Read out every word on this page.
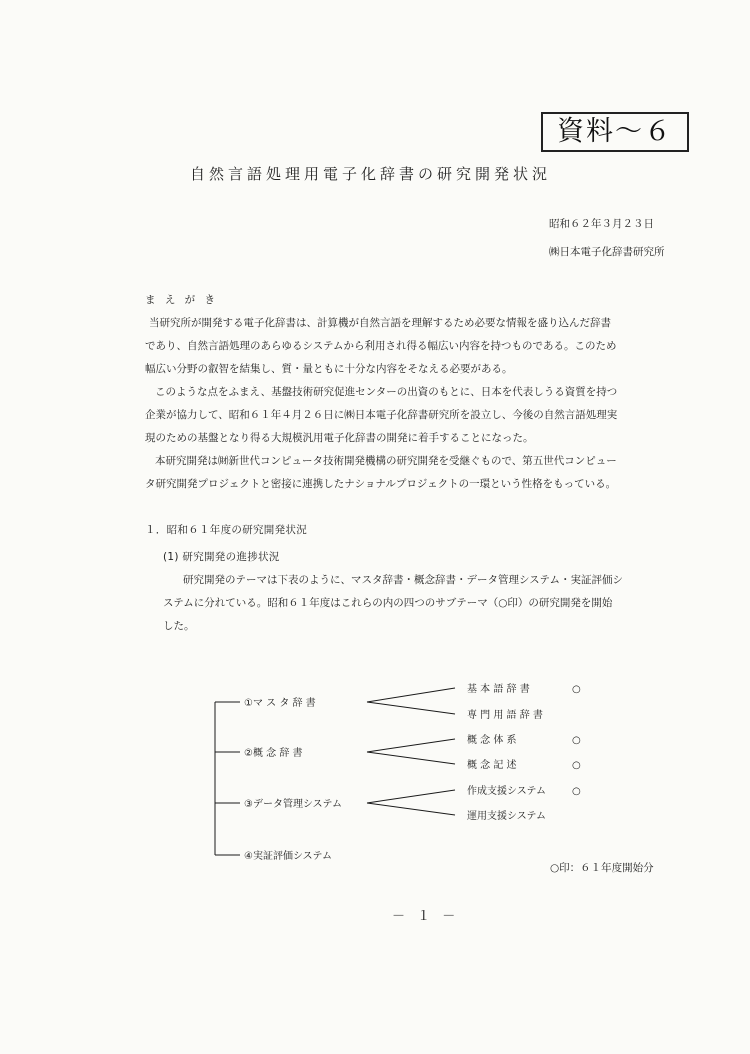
資料～６
自然言語処理用電子化辞書の研究開発状況
昭和６２年３月２３日
㈱日本電子化辞書研究所
ま え が き

当研究所が開発する電子化辞書は、計算機が自然言語を理解するため必要な情報を盛り込んだ辞書

であり、自然言語処理のあらゆるシステムから利用され得る幅広い内容を持つものである。このため

幅広い分野の叡智を結集し、質・量ともに十分な内容をそなえる必要がある。

このような点をふまえ、基盤技術研究促進センターの出資のもとに、日本を代表しうる資質を持つ

企業が協力して、昭和６１年４月２６日に㈱日本電子化辞書研究所を設立し、今後の自然言語処理実

現のための基盤となり得る大規模汎用電子化辞書の開発に着手することになった。

本研究開発は㈶新世代コンピュータ技術開発機構の研究開発を受継ぐもので、第五世代コンピュー

タ研究開発プロジェクトと密接に連携したナショナルプロジェクトの一環という性格をもっている。

１．昭和６１年度の研究開発状況
(1) 研究開発の進捗状況

研究開発のテーマは下表のように、マスタ辞書・概念辞書・データ管理システム・実証評価シ

ステムに分れている。昭和６１年度はこれらの内の四つのサブテーマ（○印）の研究開発を開始

した。

①マ ス タ 辞 書
②概 念 辞 書
③データ管理システム
④実証評価システム
基 本 語 辞 書	○
専 門 用 語 辞 書
概 念 体 系	○
概 念 記 述	○
作成支援システム	○
運用支援システム
○印：６１年度開始分
－ １ －
